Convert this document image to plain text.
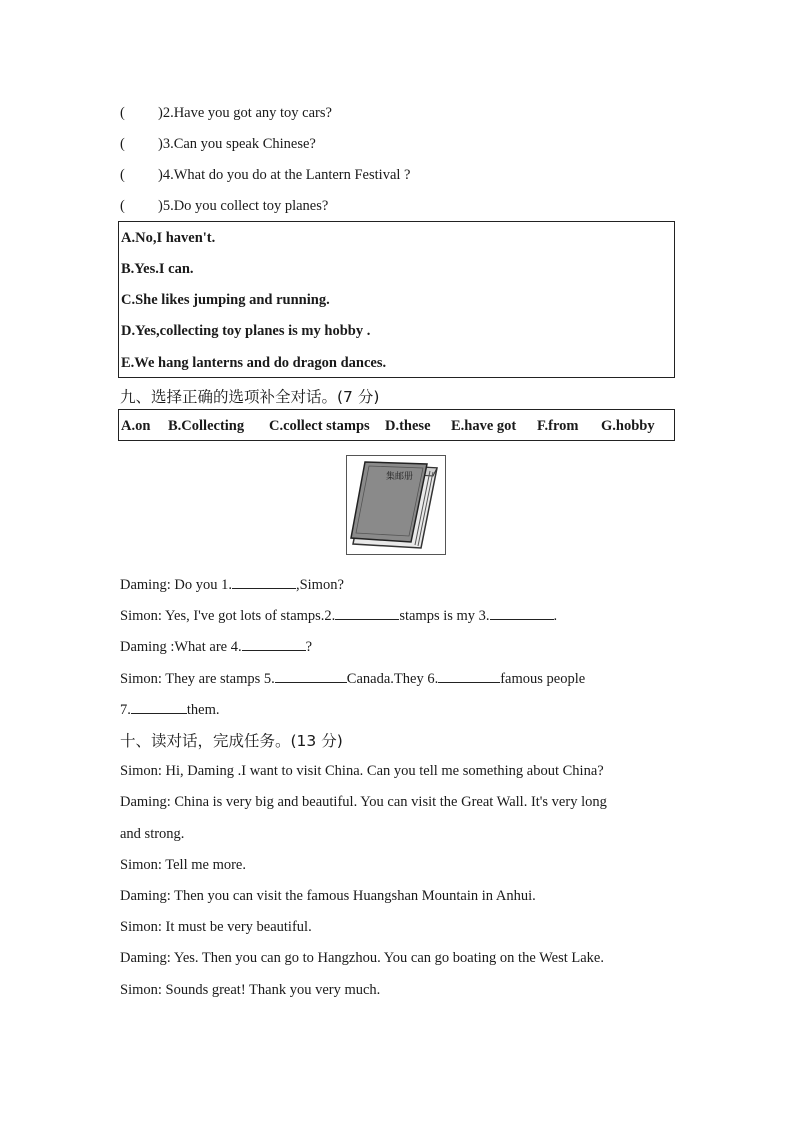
( )2.Have you got any toy cars?
( )3.Can you speak Chinese?
( )4.What do you do at the Lantern Festival ?
( )5.Do you collect toy planes?
A.No,I haven't.
B.Yes.I can.
C.She likes jumping and running.
D.Yes,collecting toy planes is my hobby .
E.We hang lanterns and do dragon dances.
九、选择正确的选项补全对话。(7 分)
A.on B.Collecting C.collect stamps D.these E.have got F.from G.hobby
集邮册
Daming: Do you 1.	,Simon?
Simon: Yes, I've got lots of stamps.2.	stamps is my 3.	.
Daming :What are 4.	?
Simon: They are stamps 5.	Canada.They 6.	famous people
7.	them.
十、读对话，完成任务。(13 分)
Simon: Hi, Daming .I want to visit China. Can you tell me something about China?
Daming: China is very big and beautiful. You can visit the Great Wall. It's very long
and strong.
Simon: Tell me more.
Daming: Then you can visit the famous Huangshan Mountain in Anhui.
Simon: It must be very beautiful.
Daming: Yes. Then you can go to Hangzhou. You can go boating on the West Lake.
Simon: Sounds great! Thank you very much.
